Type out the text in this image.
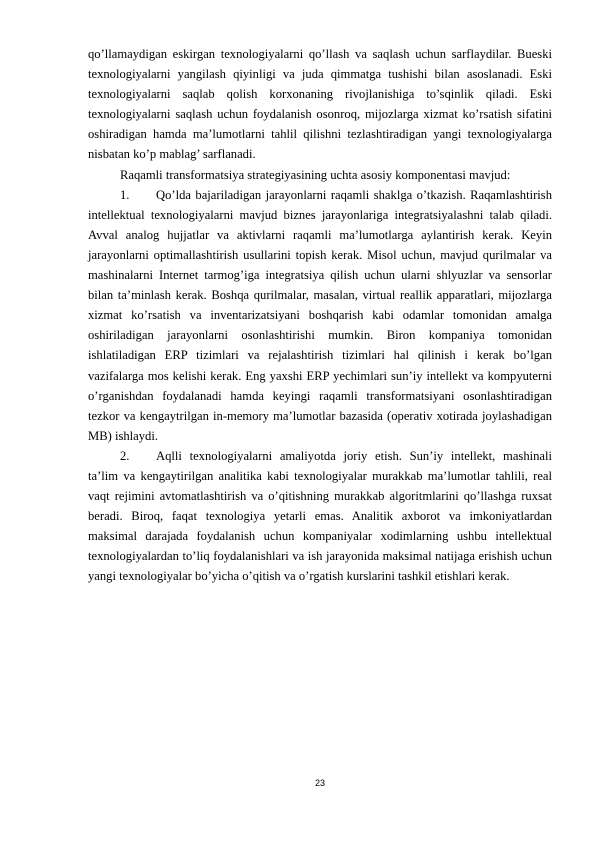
qo’llamaydigan eskirgan texnologiyalarni qo’llash va saqlash uchun sarflaydilar. Bueski texnologiyalarni yangilash qiyinligi va juda qimmatga tushishi bilan asoslanadi. Eski texnologiyalarni saqlab qolish korxonaning rivojlanishiga to’sqinlik qiladi. Eski texnologiyalarni saqlash uchun foydalanish osonroq, mijozlarga xizmat ko’rsatish sifatini oshiradigan hamda ma’lumotlarni tahlil qilishni tezlashtiradigan yangi texnologiyalarga nisbatan ko’p mablag’ sarflanadi.

Raqamli transformatsiya strategiyasining uchta asosiy komponentasi mavjud:

1. Qo’lda bajariladigan jarayonlarni raqamli shaklga o’tkazish. Raqamlashtirish intellektual texnologiyalarni mavjud biznes jarayonlariga integratsiyalashni talab qiladi. Avval analog hujjatlar va aktivlarni raqamli ma’lumotlarga aylantirish kerak. Keyin jarayonlarni optimallashtirish usullarini topish kerak. Misol uchun, mavjud qurilmalar va mashinalarni Internet tarmog’iga integratsiya qilish uchun ularni shlyuzlar va sensorlar bilan ta’minlash kerak. Boshqa qurilmalar, masalan, virtual reallik apparatlari, mijozlarga xizmat ko’rsatish va inventarizatsiyani boshqarish kabi odamlar tomonidan amalga oshiriladigan jarayonlarni osonlashtirishi mumkin. Biron kompaniya tomonidan ishlatiladigan ERP tizimlari va rejalashtirish tizimlari hal qilinish i kerak bo’lgan vazifalarga mos kelishi kerak. Eng yaxshi ERP yechimlari sun’iy intellekt va kompyuterni o’rganishdan foydalanadi hamda keyingi raqamli transformatsiyani osonlashtiradigan tezkor va kengaytrilgan in-memory ma’lumotlar bazasida (operativ xotirada joylashadigan MB) ishlaydi.

2. Aqlli texnologiyalarni amaliyotda joriy etish. Sun’iy intellekt, mashinali ta’lim va kengaytirilgan analitika kabi texnologiyalar murakkab ma’lumotlar tahlili, real vaqt rejimini avtomatlashtirish va o’qitishning murakkab algoritmlarini qo’llashga ruxsat beradi. Biroq, faqat texnologiya yetarli emas. Analitik axborot va imkoniyatlardan maksimal darajada foydalanish uchun kompaniyalar xodimlarning ushbu intellektual texnologiyalardan to’liq foydalanishlari va ish jarayonida maksimal natijaga erishish uchun yangi texnologiyalar bo’yicha o’qitish va o’rgatish kurslarini tashkil etishlari kerak.

23
